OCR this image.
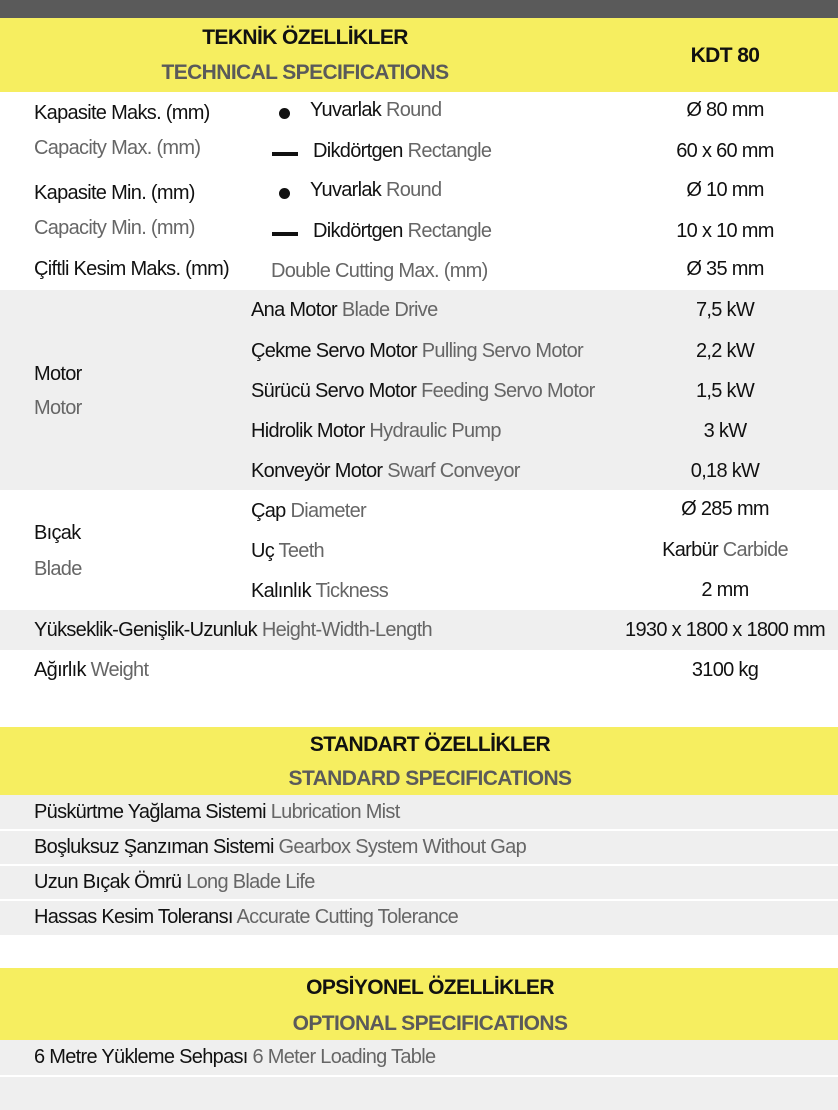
TEKNİK ÖZELLİKLER
TECHNICAL SPECIFICATIONS
KDT 80
Kapasite Maks. (mm)
Capacity Max. (mm)
Yuvarlak Round	Ø 80 mm
Dikdörtgen Rectangle	60 x 60 mm
Kapasite Min. (mm)
Capacity Min. (mm)
Yuvarlak Round	Ø 10 mm
Dikdörtgen Rectangle	10 x 10 mm
Çiftli Kesim Maks. (mm) Double Cutting Max. (mm)	Ø 35 mm
Motor
Motor
Ana Motor Blade Drive	7,5 kW
Çekme Servo Motor Pulling Servo Motor	2,2 kW
Sürücü Servo Motor Feeding Servo Motor	1,5 kW
Hidrolik Motor Hydraulic Pump	3 kW
Konveyör Motor Swarf Conveyor	0,18 kW
Bıçak
Blade
Çap Diameter	Ø 285 mm
Uç Teeth	Karbür Carbide
Kalınlık Tickness	2 mm
Yükseklik-Genişlik-Uzunluk Height-Width-Length	1930 x 1800 x 1800 mm
Ağırlık Weight	3100 kg
STANDART ÖZELLİKLER
STANDARD SPECIFICATIONS
Püskürtme Yağlama Sistemi Lubrication Mist
Boşluksuz Şanzıman Sistemi Gearbox System Without Gap
Uzun Bıçak Ömrü Long Blade Life
Hassas Kesim Toleransı Accurate Cutting Tolerance
OPSİYONEL ÖZELLİKLER
OPTIONAL SPECIFICATIONS
6 Metre Yükleme Sehpası 6 Meter Loading Table
